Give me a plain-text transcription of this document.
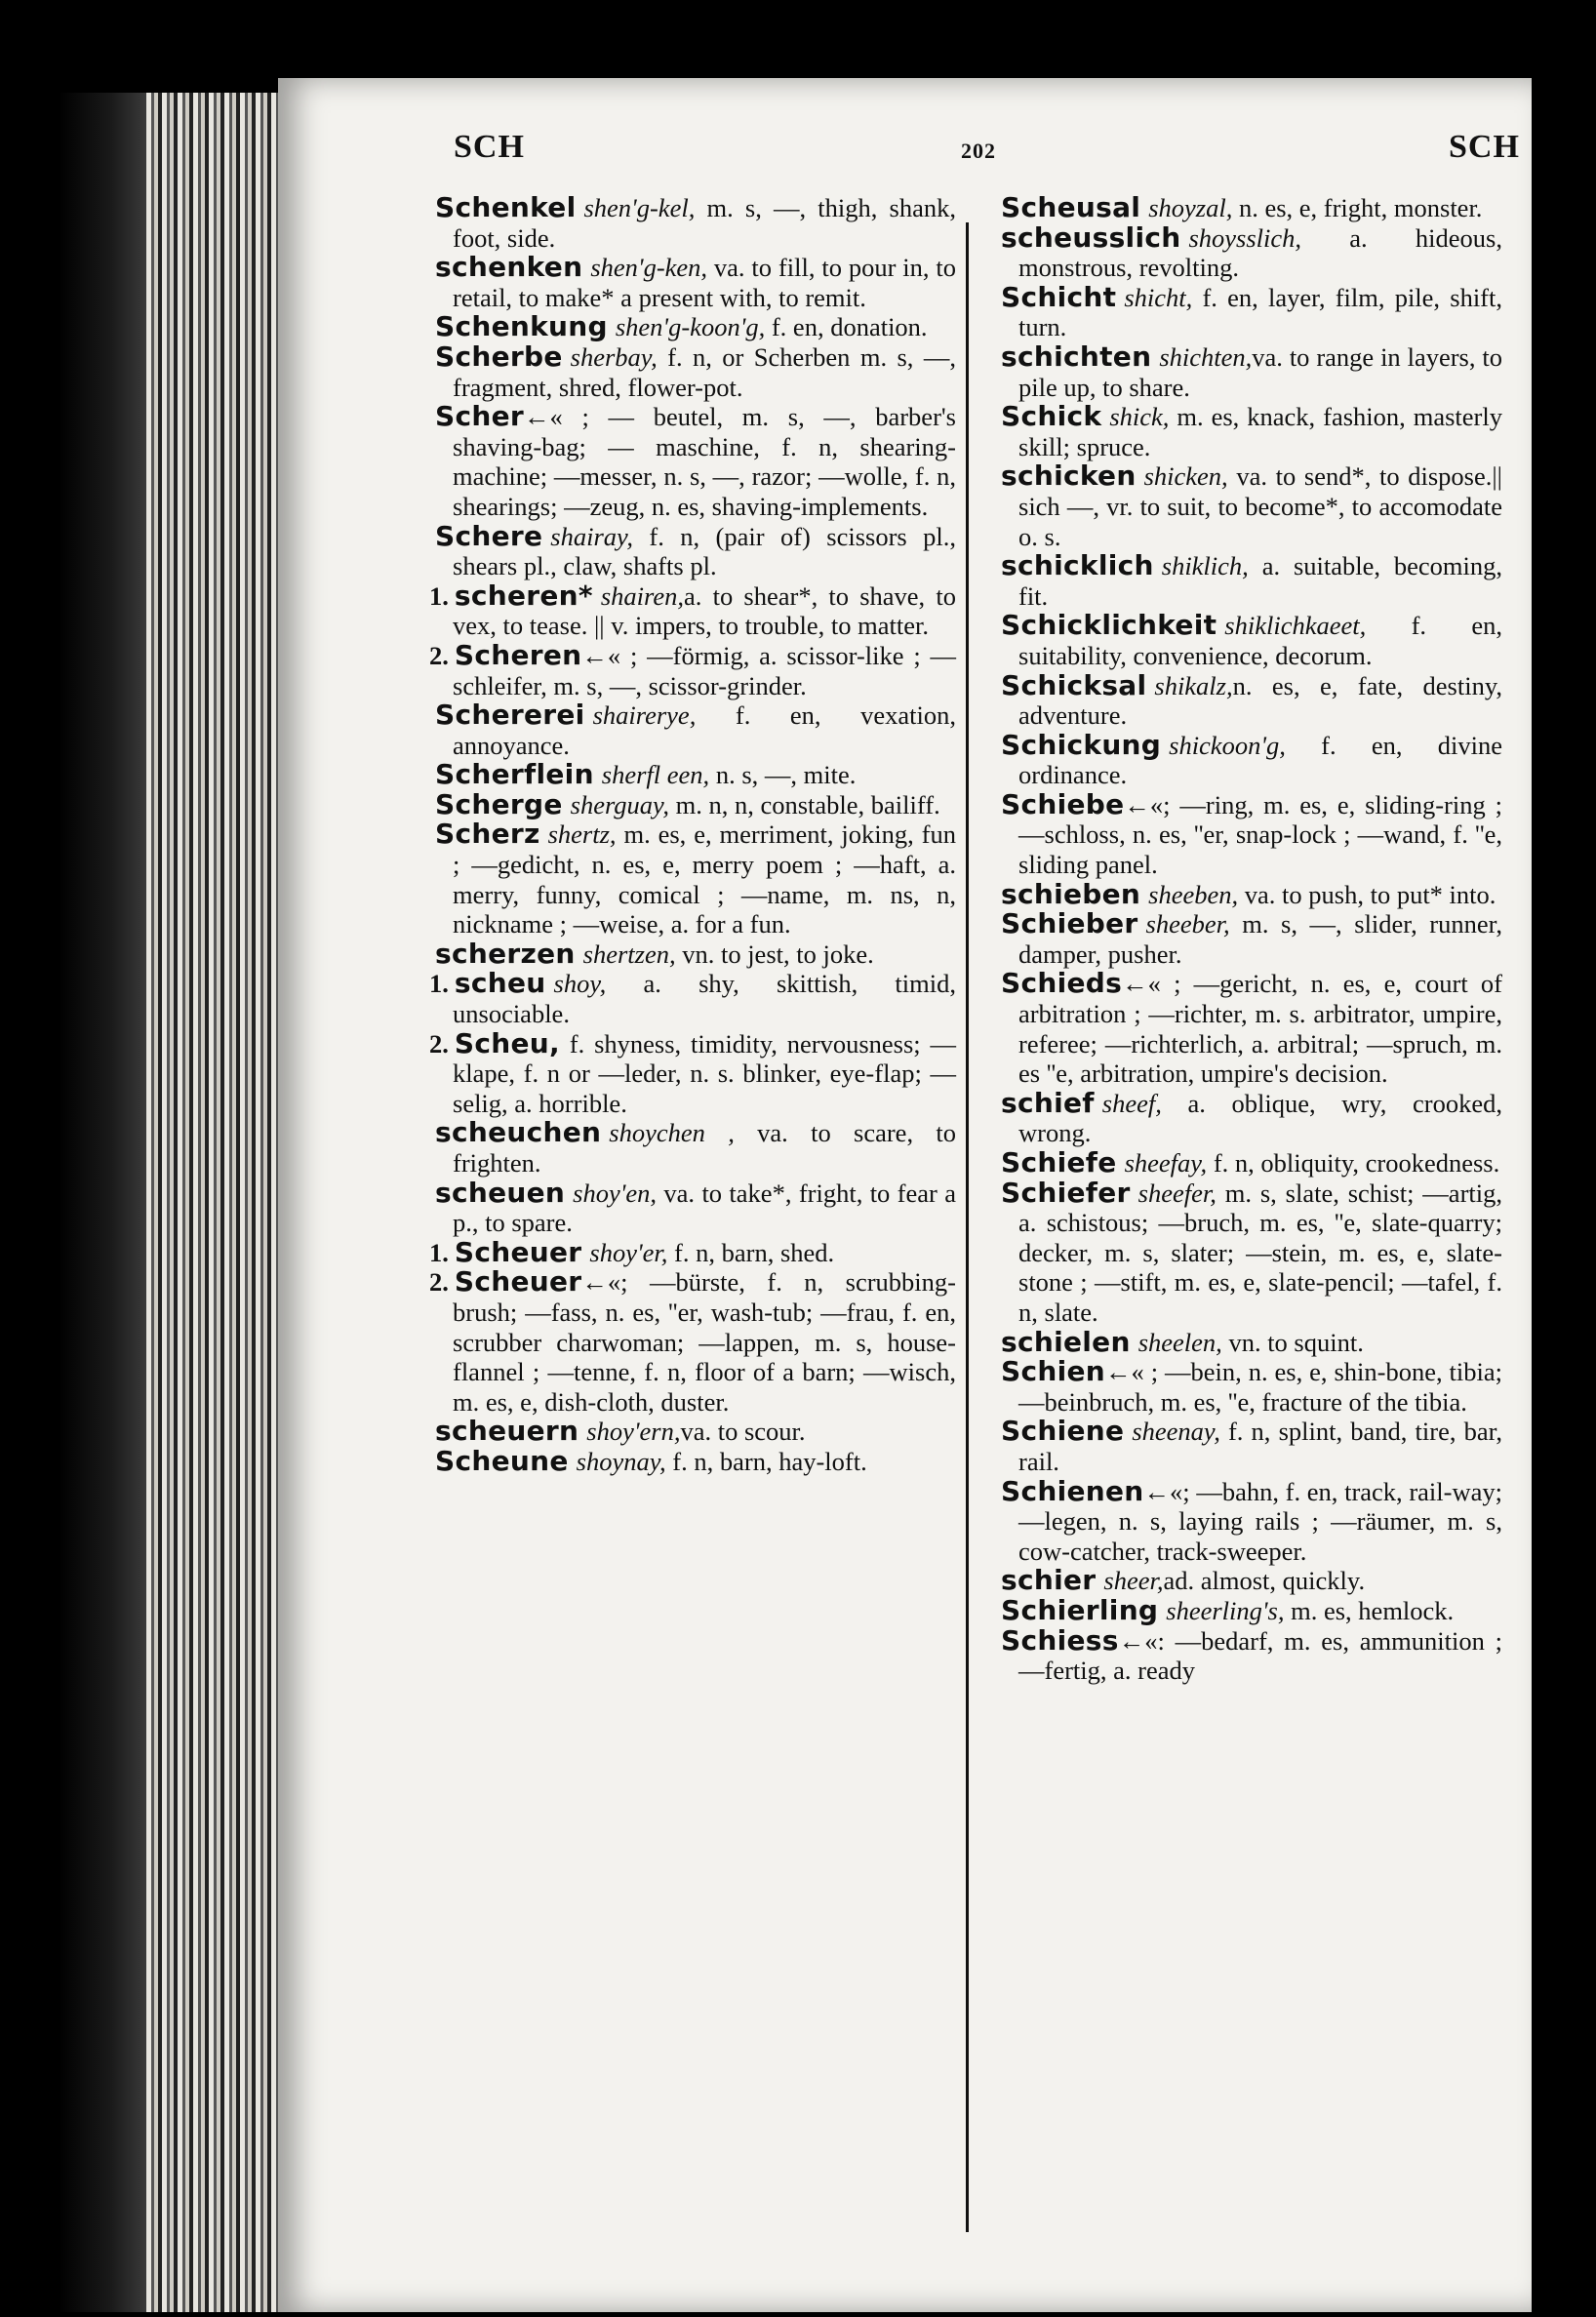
SCH	202	SCH

Schenkel shen'g-kel, m. s, —, thigh, shank, foot, side.

schenken shen'g-ken, va. to fill, to pour in, to retail, to make* a present with, to remit.

Schenkung shen'g-koon'g, f. en, donation.

Scherbe sherbay, f. n, or Scherben m. s, —, fragment, shred, flower-pot.

Scher←« ; — beutel, m. s, —, barber's shaving-bag; — maschine, f. n, shearing-machine; —messer, n. s, —, razor; —wolle, f. n, shearings; —zeug, n. es, shaving-implements.

Schere shairay, f. n, (pair of) scissors pl., shears pl., claw, shafts pl.

1. scheren* shairen,a. to shear*, to shave, to vex, to tease. || v. impers, to trouble, to matter.

2. Scheren←« ; —förmig, a. scissor-like ; —schleifer, m. s, —, scissor-grinder.

Schererei shaireryе, f. en, vexation, annoyance.

Scherflein sherfl een, n. s, —, mite.

Scherge sherguay, m. n, n, constable, bailiff.

Scherz shertz, m. es, e, merriment, joking, fun ; —gedicht, n. es, e, merry poem ; —haft, a. merry, funny, comical ; —name, m. ns, n, nickname ; —weise, a. for a fun.

scherzen shertzen, vn. to jest, to joke.

1. scheu shoy, a. shy, skittish, timid, unsociable.

2. Scheu, f. shyness, timidity, nervousness; —klape, f. n or —leder, n. s. blinker, eye-flap; —selig, a. horrible.

scheuchen shoychen , va. to scare, to frighten.

scheuen shoy'en, va. to take*, fright, to fear a p., to spare.

1. Scheuer shoy'er, f. n, barn, shed.

2. Scheuer←«; —bürste, f. n, scrubbing-brush; —fass, n. es, ''er, wash-tub; —frau, f. en, scrubber charwoman; —lappen, m. s, house-flannel ; —tenne, f. n, floor of a barn; —wisch, m. es, e, dish-cloth, duster.

scheuern shoy'ern,va. to scour.

Scheune shoynay, f. n, barn, hay-loft.

Scheusal shoyzal, n. es, e, fright, monster.

scheusslich shoysslich, a. hideous, monstrous, revolting.

Schicht shicht, f. en, layer, film, pile, shift, turn.

schichten shichten,va. to range in layers, to pile up, to share.

Schick shick, m. es, knack, fashion, masterly skill; spruce.

schicken shicken, va. to send*, to dispose.|| sich —, vr. to suit, to become*, to accomodate o. s.

schicklich shiklich, a. suitable, becoming, fit.

Schicklichkeit shiklichkaeet, f. en, suitability, convenience, decorum.

Schicksal shikalz,n. es, e, fate, destiny, adventure.

Schickung shickoon'g, f. en, divine ordinance.

Schiebe←«; —ring, m. es, e, sliding-ring ; —schloss, n. es, ''er, snap-lock ; —wand, f. ''e, sliding panel.

schieben sheeben, va. to push, to put* into.

Schieber sheeber, m. s, —, slider, runner, damper, pusher.

Schieds←« ; —gericht, n. es, e, court of arbitration ; —richter, m. s. arbitrator, umpire, referee; —richterlich, a. arbitral; —spruch, m. es ''e, arbitration, umpire's decision.

schief sheef, a. oblique, wry, crooked, wrong.

Schiefe sheefay, f. n, obliquity, crookedness.

Schiefer sheefer, m. s, slate, schist; —artig, a. schistous; —bruch, m. es, ''e, slate-quarry; decker, m. s, slater; —stein, m. es, e, slate-stone ; —stift, m. es, e, slate-pencil; —tafel, f. n, slate.

schielen sheelen, vn. to squint.

Schien←« ; —bein, n. es, e, shin-bone, tibia; —beinbruch, m. es, ''e, fracture of the tibia.

Schiene sheenay, f. n, splint, band, tire, bar, rail.

Schienen←«; —bahn, f. en, track, rail-way; —legen, n. s, laying rails ; —räumer, m. s, cow-catcher, track-sweeper.

schier sheer,ad. almost, quickly.

Schierling sheerling's, m. es, hemlock.

Schiess←«: —bedarf, m. es, ammunition ; —fertig, a. ready
